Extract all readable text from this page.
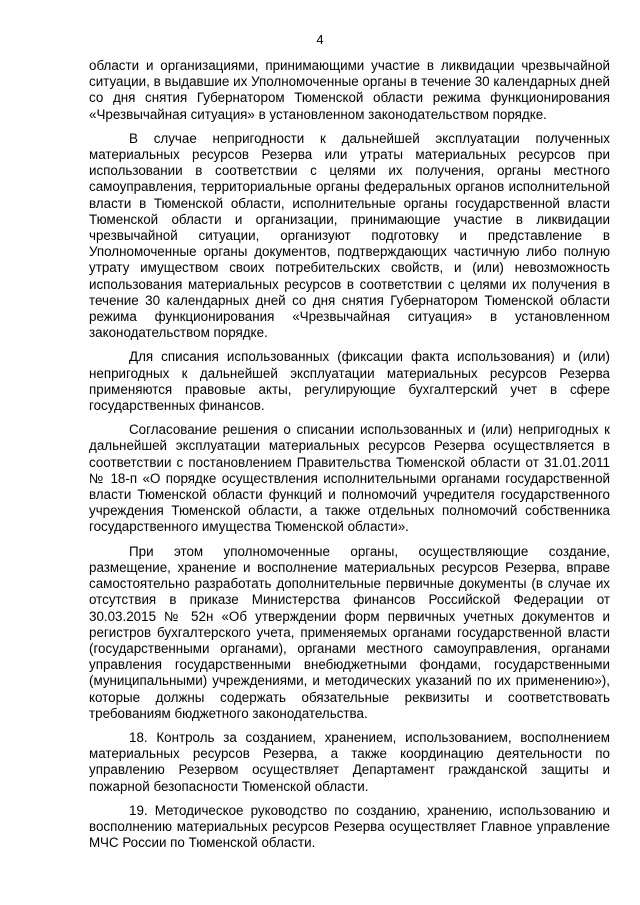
4

области и организациями, принимающими участие в ликвидации чрезвычайной ситуации, в выдавшие их Уполномоченные органы в течение 30 календарных дней со дня снятия Губернатором Тюменской области режима функционирования «Чрезвычайная ситуация» в установленном законодательством порядке.

В случае непригодности к дальнейшей эксплуатации полученных материальных ресурсов Резерва или утраты материальных ресурсов при использовании в соответствии с целями их получения, органы местного самоуправления, территориальные органы федеральных органов исполнительной власти в Тюменской области, исполнительные органы государственной власти Тюменской области и организации, принимающие участие в ликвидации чрезвычайной ситуации, организуют подготовку и представление в Уполномоченные органы документов, подтверждающих частичную либо полную утрату имуществом своих потребительских свойств, и (или) невозможность использования материальных ресурсов в соответствии с целями их получения в течение 30 календарных дней со дня снятия Губернатором Тюменской области режима функционирования «Чрезвычайная ситуация» в установленном законодательством порядке.

Для списания использованных (фиксации факта использования) и (или) непригодных к дальнейшей эксплуатации материальных ресурсов Резерва применяются правовые акты, регулирующие бухгалтерский учет в сфере государственных финансов.

Согласование решения о списании использованных и (или) непригодных к дальнейшей эксплуатации материальных ресурсов Резерва осуществляется в соответствии с постановлением Правительства Тюменской области от 31.01.2011 № 18-п «О порядке осуществления исполнительными органами государственной власти Тюменской области функций и полномочий учредителя государственного учреждения Тюменской области, а также отдельных полномочий собственника государственного имущества Тюменской области».

При этом уполномоченные органы, осуществляющие создание, размещение, хранение и восполнение материальных ресурсов Резерва, вправе самостоятельно разработать дополнительные первичные документы (в случае их отсутствия в приказе Министерства финансов Российской Федерации от 30.03.2015 № 52н «Об утверждении форм первичных учетных документов и регистров бухгалтерского учета, применяемых органами государственной власти (государственными органами), органами местного самоуправления, органами управления государственными внебюджетными фондами, государственными (муниципальными) учреждениями, и методических указаний по их применению»), которые должны содержать обязательные реквизиты и соответствовать требованиям бюджетного законодательства.

18. Контроль за созданием, хранением, использованием, восполнением материальных ресурсов Резерва, а также координацию деятельности по управлению Резервом осуществляет Департамент гражданской защиты и пожарной безопасности Тюменской области.

19. Методическое руководство по созданию, хранению, использованию и восполнению материальных ресурсов Резерва осуществляет Главное управление МЧС России по Тюменской области.
